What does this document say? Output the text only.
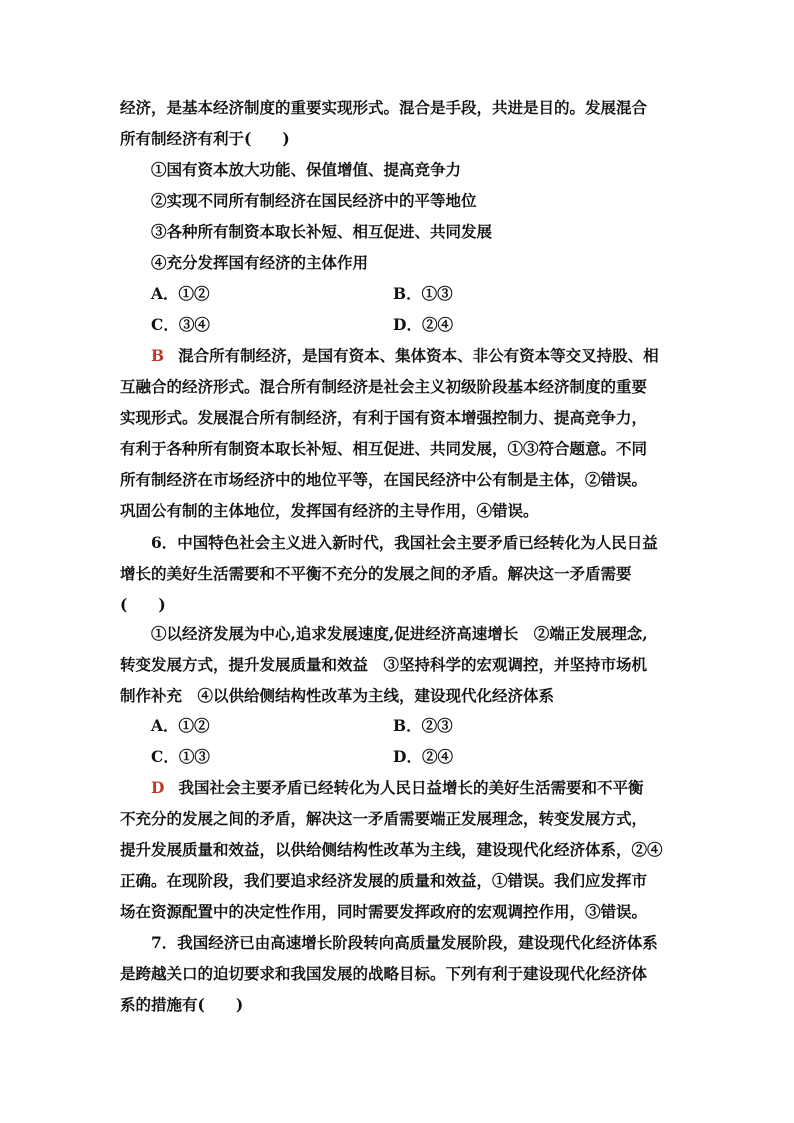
经济，是基本经济制度的重要实现形式。混合是手段，共进是目的。发展混合
所有制经济有利于(　　)
①国有资本放大功能、保值增值、提高竞争力
②实现不同所有制经济在国民经济中的平等地位
③各种所有制资本取长补短、相互促进、共同发展
④充分发挥国有经济的主体作用
A．①②	B．①③
C．③④	D．②④
B 混合所有制经济，是国有资本、集体资本、非公有资本等交叉持股、相
互融合的经济形式。混合所有制经济是社会主义初级阶段基本经济制度的重要
实现形式。发展混合所有制经济，有利于国有资本增强控制力、提高竞争力，
有利于各种所有制资本取长补短、相互促进、共同发展，①③符合题意。不同
所有制经济在市场经济中的地位平等，在国民经济中公有制是主体，②错误。
巩固公有制的主体地位，发挥国有经济的主导作用，④错误。
6．中国特色社会主义进入新时代，我国社会主要矛盾已经转化为人民日益
增长的美好生活需要和不平衡不充分的发展之间的矛盾。解决这一矛盾需要
(　　)
①以经济发展为中心,追求发展速度,促进经济高速增长　②端正发展理念,
转变发展方式，提升发展质量和效益　③坚持科学的宏观调控，并坚持市场机
制作补充　④以供给侧结构性改革为主线，建设现代化经济体系
A．①②	B．②③
C．①③	D．②④
D 我国社会主要矛盾已经转化为人民日益增长的美好生活需要和不平衡
不充分的发展之间的矛盾，解决这一矛盾需要端正发展理念，转变发展方式，
提升发展质量和效益，以供给侧结构性改革为主线，建设现代化经济体系，②④
正确。在现阶段，我们要追求经济发展的质量和效益，①错误。我们应发挥市
场在资源配置中的决定性作用，同时需要发挥政府的宏观调控作用，③错误。
7．我国经济已由高速增长阶段转向高质量发展阶段，建设现代化经济体系
是跨越关口的迫切要求和我国发展的战略目标。下列有利于建设现代化经济体
系的措施有(　　)
